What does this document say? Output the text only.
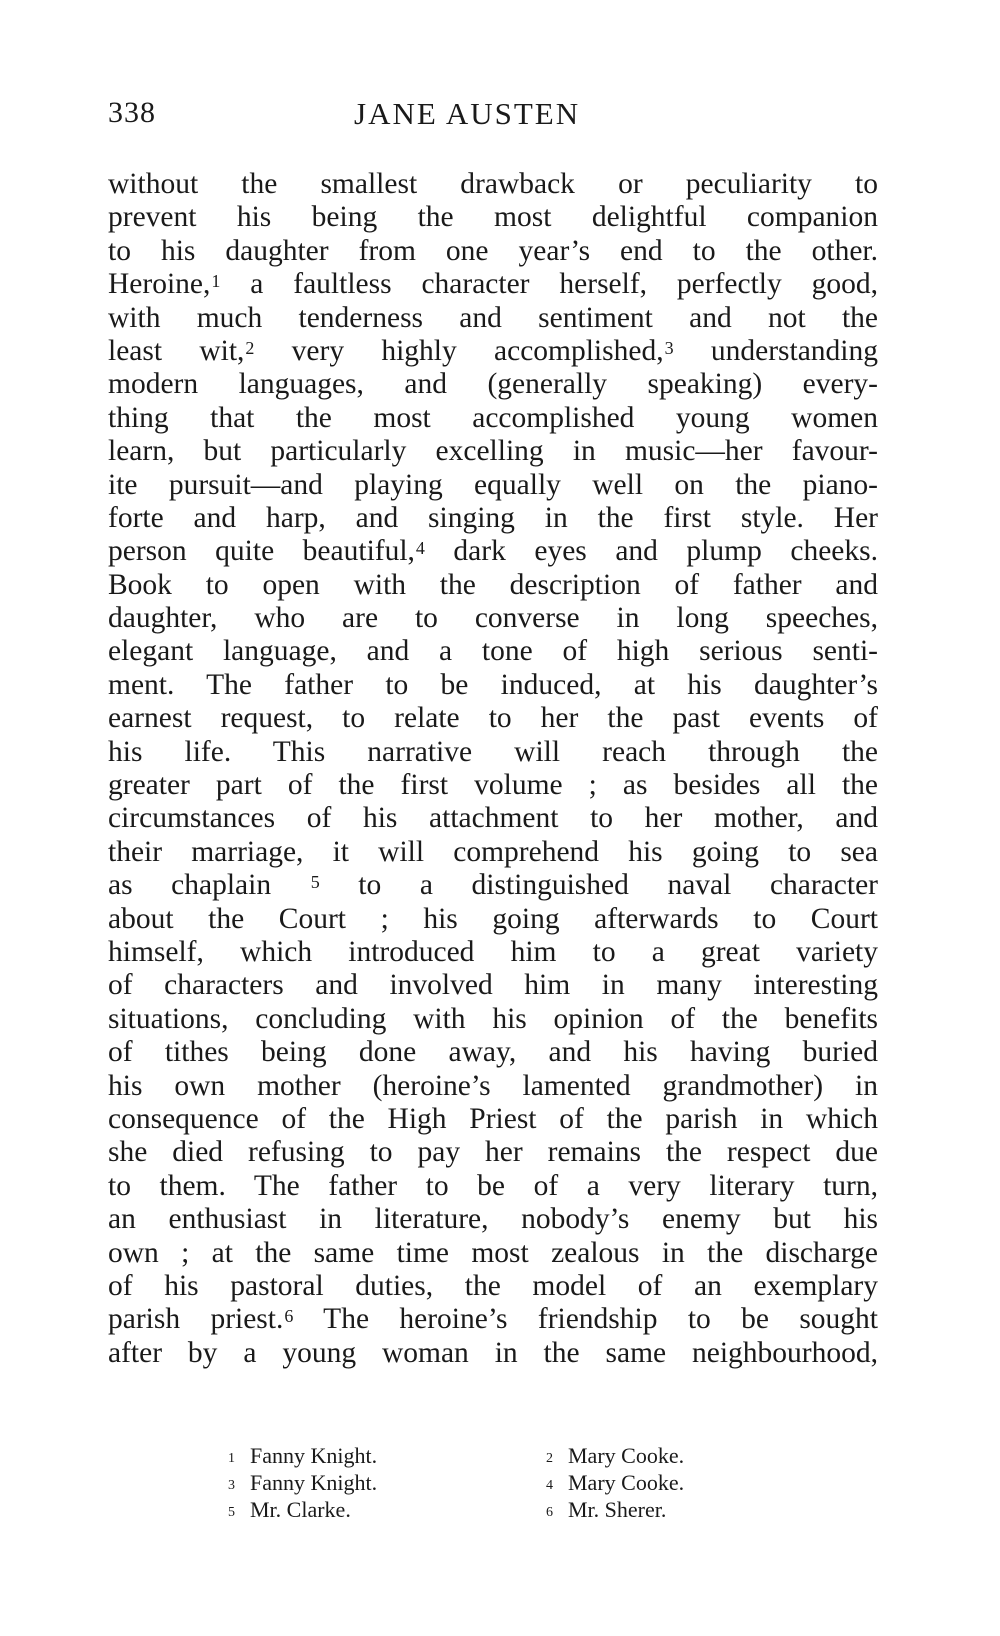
338	JANE AUSTEN
without the smallest drawback or peculiarity to
prevent his being the most delightful companion
to his daughter from one year’s end to the other.
Heroine,$^1$ a faultless character herself, perfectly good,
with much tenderness and sentiment and not the
least wit,$^2$ very highly accomplished,$^3$ understanding
modern languages, and (generally speaking) every-
thing that the most accomplished young women
learn, but particularly excelling in music—her favour-
ite pursuit—and playing equally well on the piano-
forte and harp, and singing in the first style. Her
person quite beautiful,$^4$ dark eyes and plump cheeks.
Book to open with the description of father and
daughter, who are to converse in long speeches,
elegant language, and a tone of high serious senti-
ment. The father to be induced, at his daughter’s
earnest request, to relate to her the past events of
his life. This narrative will reach through the
greater part of the first volume ; as besides all the
circumstances of his attachment to her mother, and
their marriage, it will comprehend his going to sea
as chaplain $^5$ to a distinguished naval character
about the Court ; his going afterwards to Court
himself, which introduced him to a great variety
of characters and involved him in many interesting
situations, concluding with his opinion of the benefits
of tithes being done away, and his having buried
his own mother (heroine’s lamented grandmother) in
consequence of the High Priest of the parish in which
she died refusing to pay her remains the respect due
to them. The father to be of a very literary turn,
an enthusiast in literature, nobody’s enemy but his
own ; at the same time most zealous in the discharge
of his pastoral duties, the model of an exemplary
parish priest.$^6$ The heroine’s friendship to be sought
after by a young woman in the same neighbourhood,
1 Fanny Knight.	2 Mary Cooke.
3 Fanny Knight.	4 Mary Cooke.
5 Mr. Clarke.	6 Mr. Sherer.
